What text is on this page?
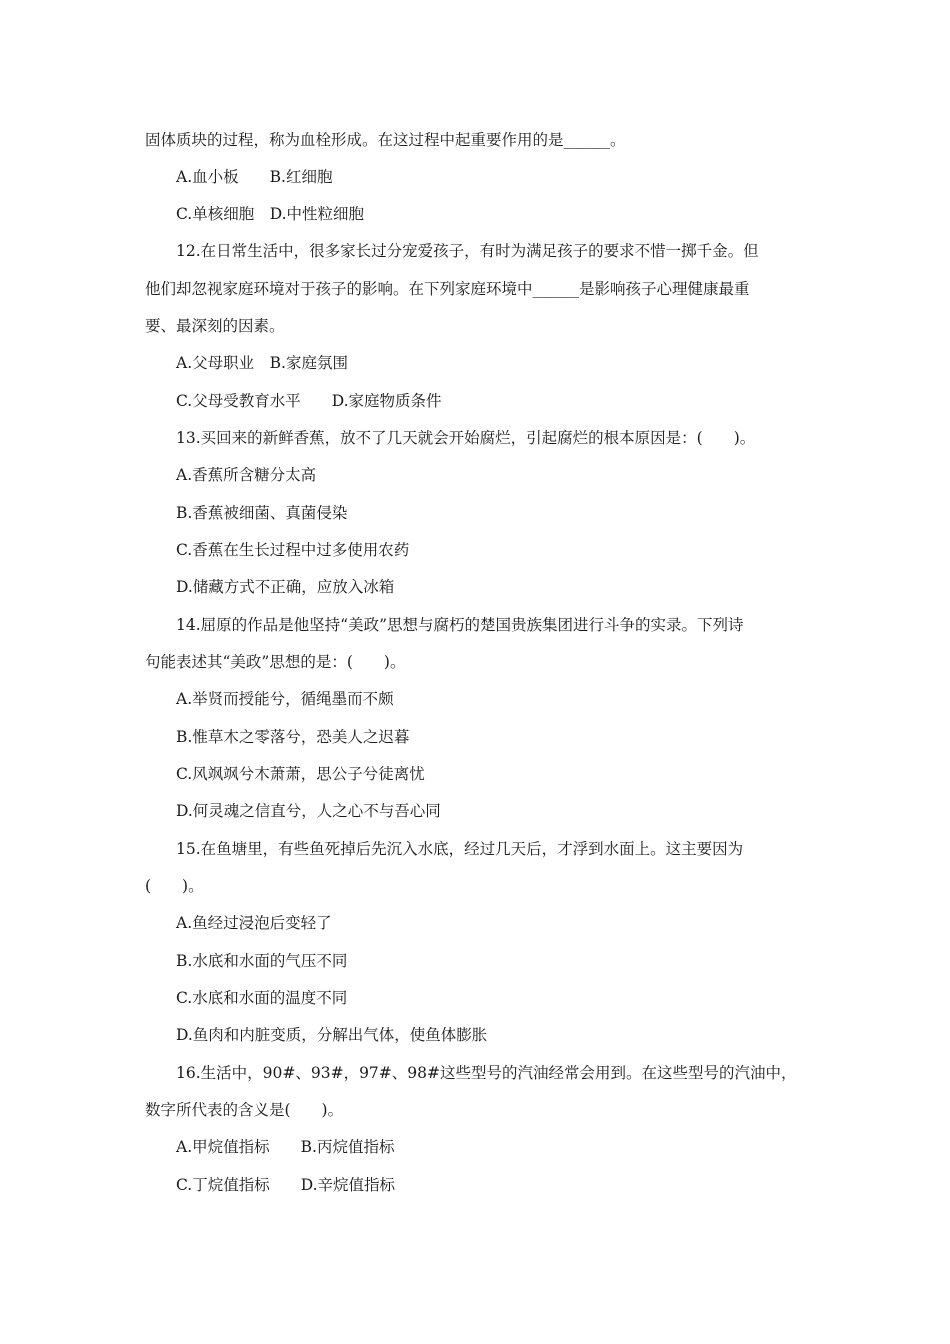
固体质块的过程，称为血栓形成。在这过程中起重要作用的是______。
A.血小板　　B.红细胞
C.单核细胞　D.中性粒细胞
12.在日常生活中，很多家长过分宠爱孩子，有时为满足孩子的要求不惜一掷千金。但
他们却忽视家庭环境对于孩子的影响。在下列家庭环境中______是影响孩子心理健康最重
要、最深刻的因素。
A.父母职业　B.家庭氛围
C.父母受教育水平　　D.家庭物质条件
13.买回来的新鲜香蕉，放不了几天就会开始腐烂，引起腐烂的根本原因是：(　　)。
A.香蕉所含糖分太高
B.香蕉被细菌、真菌侵染
C.香蕉在生长过程中过多使用农药
D.储藏方式不正确，应放入冰箱
14.屈原的作品是他坚持“美政”思想与腐朽的楚国贵族集团进行斗争的实录。下列诗
句能表述其“美政”思想的是：(　　)。
A.举贤而授能兮，循绳墨而不颇
B.惟草木之零落兮，恐美人之迟暮
C.风飒飒兮木萧萧，思公子兮徒离忧
D.何灵魂之信直兮，人之心不与吾心同
15.在鱼塘里，有些鱼死掉后先沉入水底，经过几天后，才浮到水面上。这主要因为
(　　)。
A.鱼经过浸泡后变轻了
B.水底和水面的气压不同
C.水底和水面的温度不同
D.鱼肉和内脏变质，分解出气体，使鱼体膨胀
16.生活中，90#、93#，97#、98#这些型号的汽油经常会用到。在这些型号的汽油中，
数字所代表的含义是(　　)。
A.甲烷值指标　　B.丙烷值指标
C.丁烷值指标　　D.辛烷值指标
